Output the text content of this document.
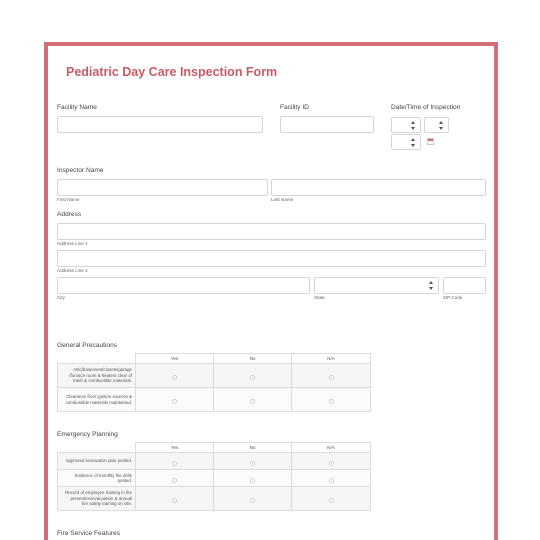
Pediatric Day Care Inspection Form
Facility Name	Facility ID	Date/Time of Inspection
Inspector Name
First Name	Last Name
Address
Address Line 1
Address Line 2
City	State	ZIP Code
General Precautions
	Yes	No	N/A
Attic/basement/closets/garage /furnace room & heaters clear of trash & combustible materials.			
Clearance from ignition sources & combustible materials maintained.			
Emergency Planning
	Yes	No	N/A
Approved evacuation plan posted.			
Evidence of monthly fire drills posted.			
Record of employee training in fire prevention/evacuation & annual fire safety training on site.			
Fire Service Features
